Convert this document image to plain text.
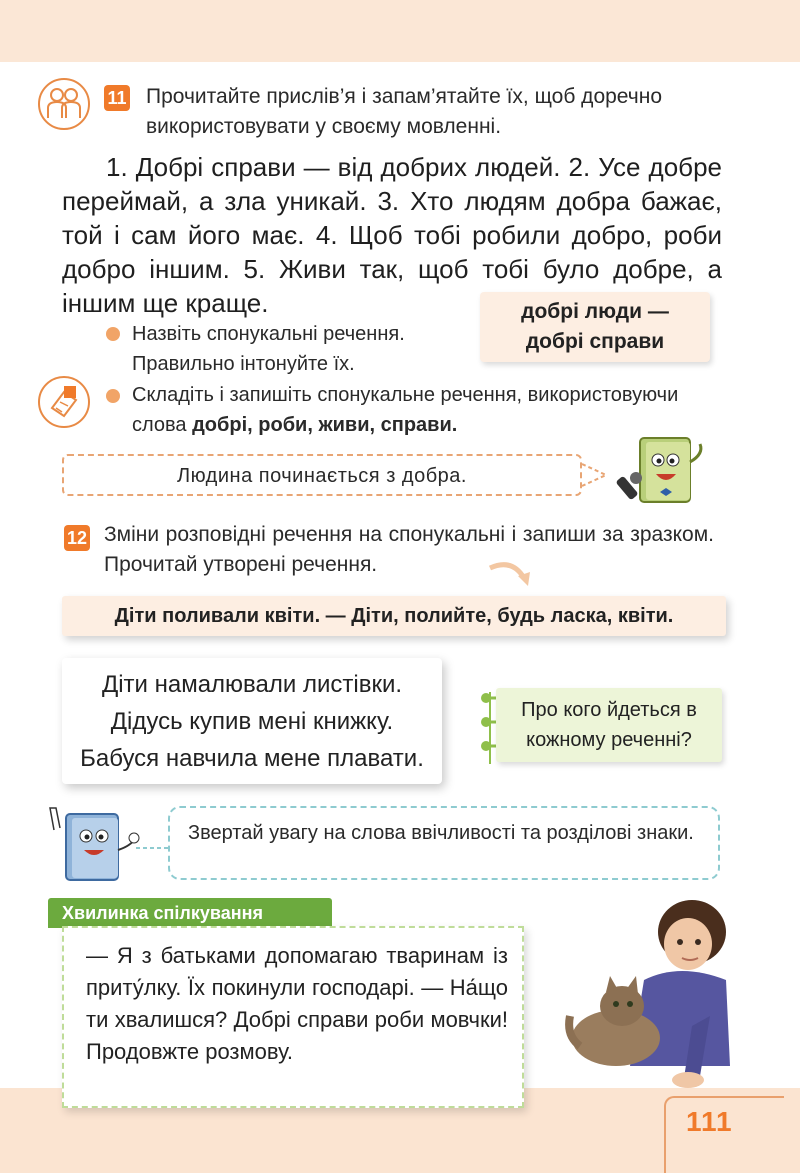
11 Прочитайте прислів’я і запам’ятайте їх, щоб доречно використовувати у своєму мовленні.
1. Добрі справи — від добрих людей. 2. Усе добре переймай, а зла уникай. 3. Хто людям добра бажає, той і сам його має. 4. Щоб тобі робили добро, роби добро іншим. 5. Живи так, щоб тобі було добре, а іншим ще краще.	добрі люди —
добрі справи
Назвіть спонукальні речення.
Правильно інтонуйте їх.
Складіть і запишіть спонукальне речення, використовуючи слова добрі, роби, живи, справи.
Людина починається з добра.
12 Зміни розповідні речення на спонукальні і запиши за зразком. Прочитай утворені речення.
Діти поливали квіти. — Діти, полийте, будь ласка, квіти.
Діти намалювали листівки.
Дідусь купив мені книжку.
Бабуся навчила мене плавати.
Про кого йдеться в
кожному реченні?
Звертай увагу на слова ввічливості та розділові знаки.
Хвилинка спілкування

— Я з батьками допомагаю тваринам із приту́лку. Їх покинули господарі. — На́що ти хвалишся? Добрі справи роби мовчки! Продовжте розмову.

111
